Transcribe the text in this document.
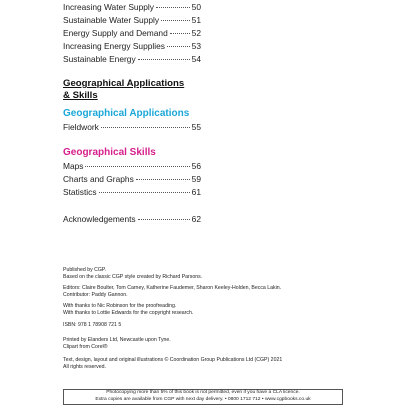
Increasing Water Supply	50
Sustainable Water Supply	51
Energy Supply and Demand	52
Increasing Energy Supplies	53
Sustainable Energy	54
Geographical Applications
& Skills
Geographical Applications
Fieldwork	55
Geographical Skills
Maps	56
Charts and Graphs	59
Statistics	61
Acknowledgements	62
Published by CGP.
Based on the classic CGP style created by Richard Parsons.
Editors: Claire Boulter, Tom Carney, Katherine Faudemer, Sharon Keeley-Holden, Becca Lakin.
Contributor: Paddy Gannon.
With thanks to Nic Robinson for the proofreading.
With thanks to Lottie Edwards for the copyright research.
ISBN: 978 1 78908 721 5
Printed by Elanders Ltd, Newcastle upon Tyne.
Clipart from Corel®
Text, design, layout and original illustrations © Coordination Group Publications Ltd (CGP) 2021
All rights reserved.
Photocopying more than 5% of this book is not permitted, even if you have a CLA licence.
Extra copies are available from CGP with next day delivery. • 0800 1712 712 • www.cgpbooks.co.uk
